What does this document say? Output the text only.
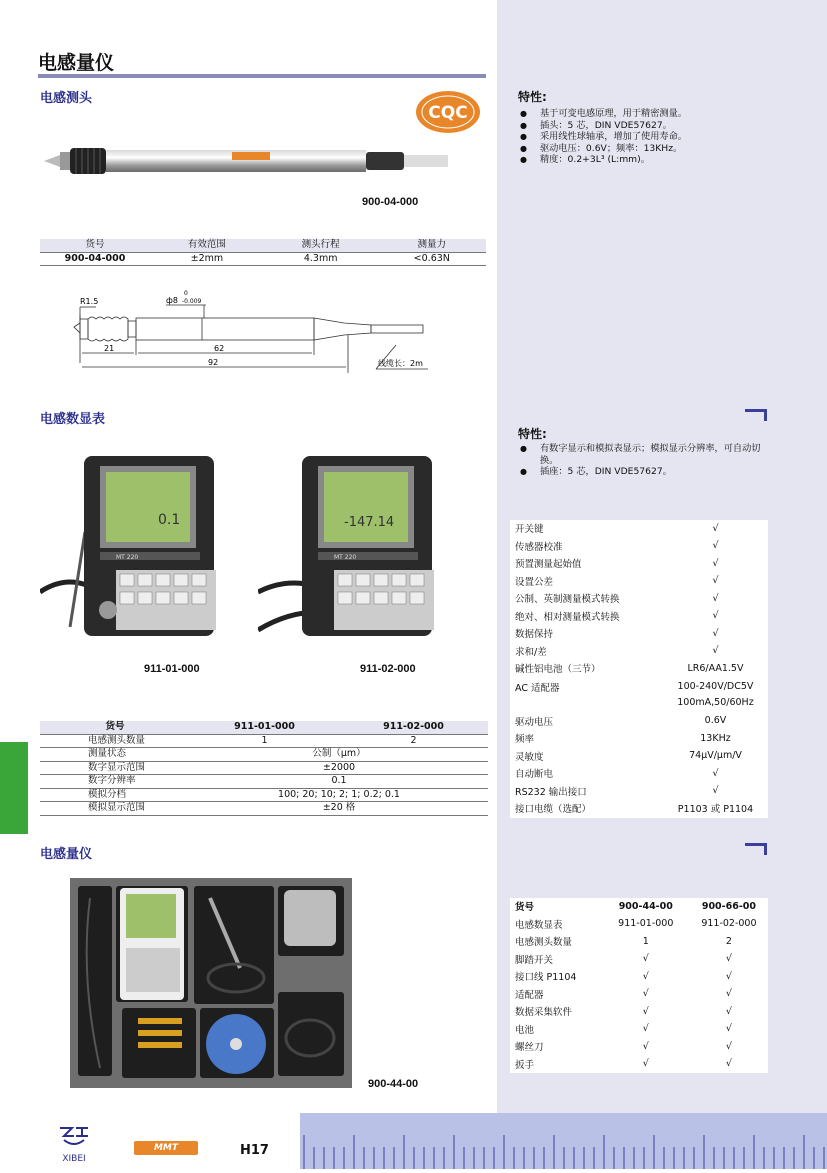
电感量仪
电感测头
CQC
900-04-000
特性:
● 基于可变电感原理，用于精密测量。
● 插头：5 芯，DIN VDE57627。
● 采用线性球轴承，增加了使用寿命。
● 驱动电压：0.6V；频率：13KHz。
● 精度：0.2+3L³ (L:mm)。
货号	有效范围	测头行程	测量力
900-04-000	±2mm	4.3mm	<0.63N
R1.5	ф8
0
-0.009
21	62
92	线缆长：2m
电感数显表
特性:
● 有数字显示和模拟表显示；模拟显示分辨率，可自动切换。
● 插座：5 芯，DIN VDE57627。
0.1
MT 220
-147.14
MT 220
911-01-000	911-02-000
货号	911-01-000	911-02-000
电感测头数量	1	2
测量状态	公制（μm）	
数字显示范围	±2000	
数字分辨率	0.1	
模拟分档	100; 20; 10; 2; 1; 0.2; 0.1	
模拟显示范围	±20 格	
开关键	√
传感器校准	√
预置测量起始值	√
设置公差	√
公制、英制测量模式转换	√
绝对、相对测量模式转换	√
数据保持	√
求和/差	√
碱性铝电池（三节）	LR6/AA1.5V
AC 适配器	100-240V/DC5V
100mA,50/60Hz

驱动电压	0.6V
频率	13KHz
灵敏度	74μV/μm/V
自动断电	√
RS232 输出接口	√
接口电缆（选配）	P1103 或 P1104
电感量仪
900-44-00
货号	900-44-00	900-66-00
电感数显表	911-01-000	911-02-000
电感测头数量	1	2
脚踏开关	√	√
接口线 P1104	√	√
适配器	√	√
数据采集软件	√	√
电池	√	√
螺丝刀	√	√
扳手	√	√
XIBEI
MMT	H17
